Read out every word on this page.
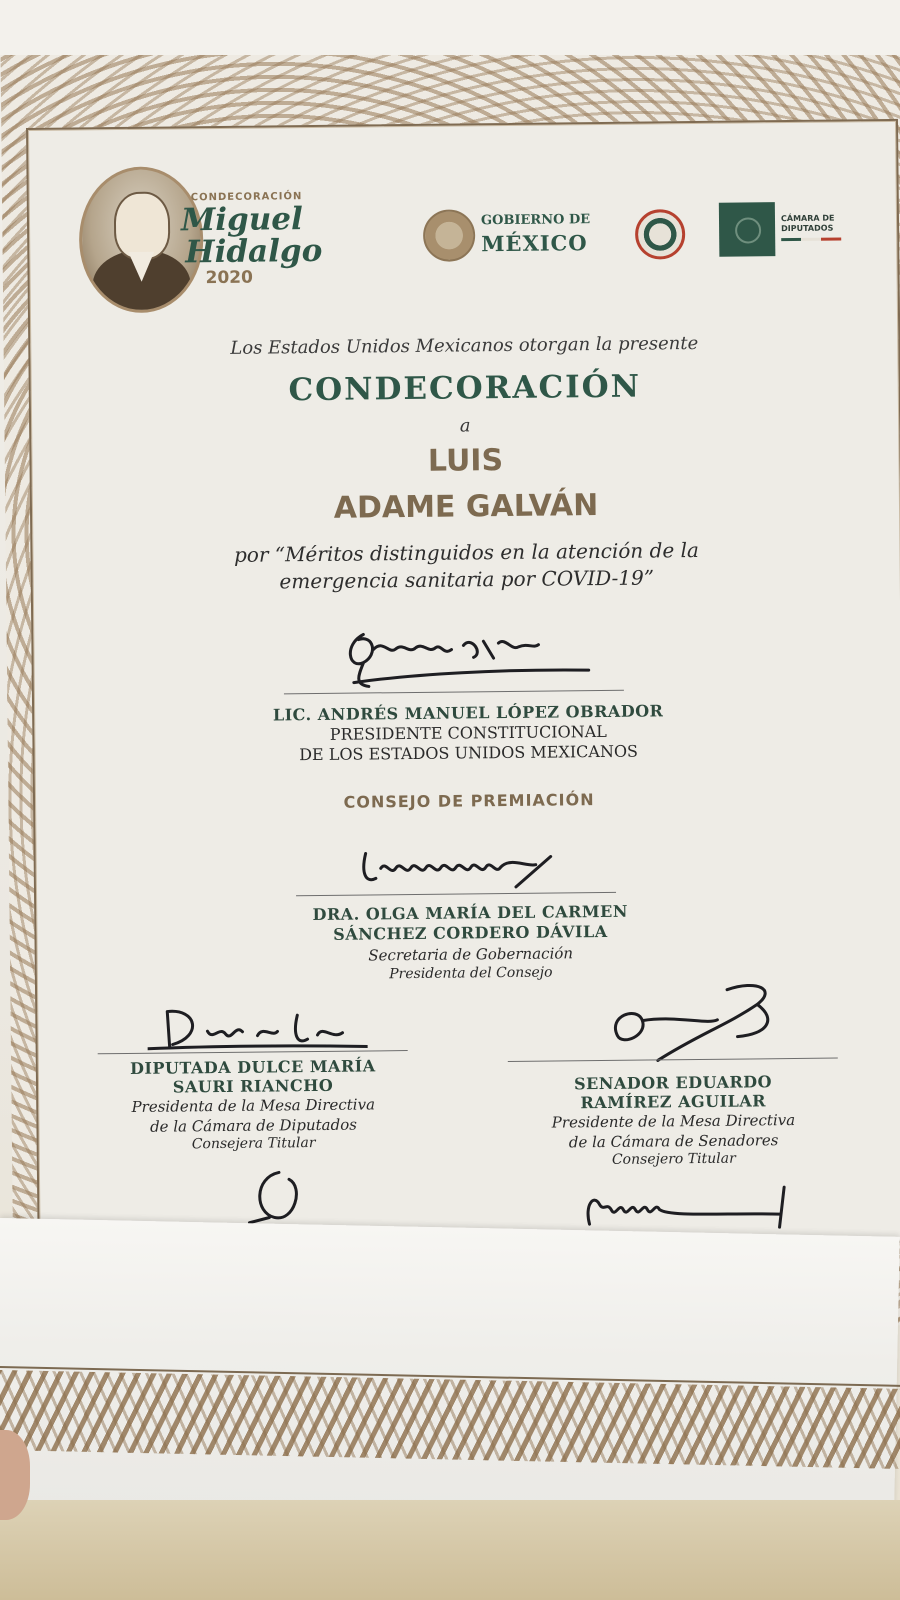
CONDECORACIÓN
Miguel
Hidalgo
2020
GOBIERNO DE
MÉXICO
CÁMARA DE
DIPUTADOS
Los Estados Unidos Mexicanos otorgan la presente
CONDECORACIÓN
a
LUIS
ADAME GALVÁN
por “Méritos distinguidos en la atención de la
emergencia sanitaria por COVID-19”
LIC. ANDRÉS MANUEL LÓPEZ OBRADOR
PRESIDENTE CONSTITUCIONAL
DE LOS ESTADOS UNIDOS MEXICANOS
CONSEJO DE PREMIACIÓN
DRA. OLGA MARÍA DEL CARMEN
SÁNCHEZ CORDERO DÁVILA
Secretaria de Gobernación
Presidenta del Consejo
DIPUTADA DULCE MARÍA
SAURI RIANCHO
Presidenta de la Mesa Directiva
de la Cámara de Diputados
Consejera Titular
SENADOR EDUARDO
RAMÍREZ AGUILAR
Presidente de la Mesa Directiva
de la Cámara de Senadores
Consejero Titular
